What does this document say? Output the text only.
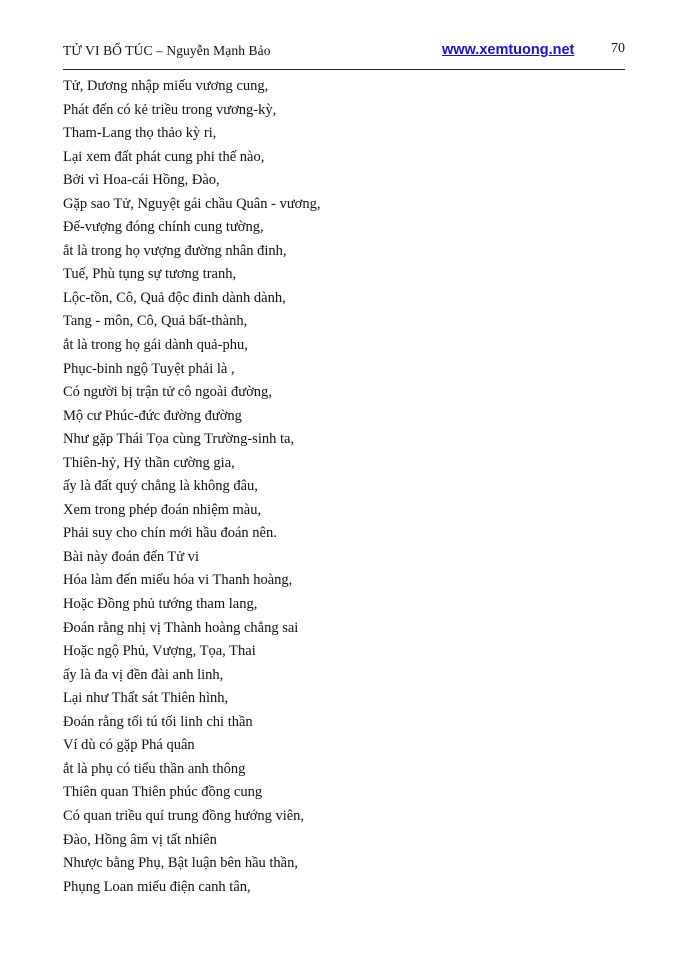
TỬ VI BỔ TÚC – Nguyễn Mạnh Bảo	www.xemtuong.net	70
Tử, Dương nhập miếu vương cung,
Phát đến có kẻ triều trong vương-kỳ,
Tham-Lang thọ thảo kỳ ri,
Lại xem đất phát cung phi thế nào,
Bởi vì Hoa-cái Hồng, Đào,
Gặp sao Tử, Nguyệt gái chầu Quân - vương,
Đế-vượng đóng chính cung tường,
ắt là trong họ vượng đường nhân đinh,
Tuế, Phù tụng sự tương tranh,
Lộc-tồn, Cô, Quả độc đinh dành dành,
Tang - môn, Cô, Quả bất-thành,
ắt là trong họ gái dành quả-phu,
Phục-binh ngộ Tuyệt phải là ,
Có người bị trận tử cô ngoài đường,
Mộ cư Phúc-đức đường đường
Như gặp Thái Tọa cùng Trường-sinh ta,
Thiên-hỷ, Hỷ thần cường gia,
ấy là đất quý chẳng là không đâu,
Xem trong phép đoán nhiệm màu,
Phải suy cho chín mới hầu đoán nên.
Bài này đoán đến Tử vi
Hóa làm đến miếu hóa vi Thanh hoàng,
Hoặc Đồng phủ tướng tham lang,
Đoán rằng nhị vị Thành hoàng chẳng sai
Hoặc ngộ Phủ, Vượng, Tọa, Thai
ấy là đa vị đền đài anh linh,
Lại như Thất sát Thiên hình,
Đoán rằng tối tú tối linh chi thần
Ví dù có gặp Phá quân
ắt là phụ có tiểu thần anh thông
Thiên quan Thiên phúc đồng cung
Có quan triều quí trung đồng hướng viên,
Đào, Hồng âm vị tất nhiên
Nhược bằng Phụ, Bật luận bên hầu thần,
Phụng Loan miếu điện canh tân,
